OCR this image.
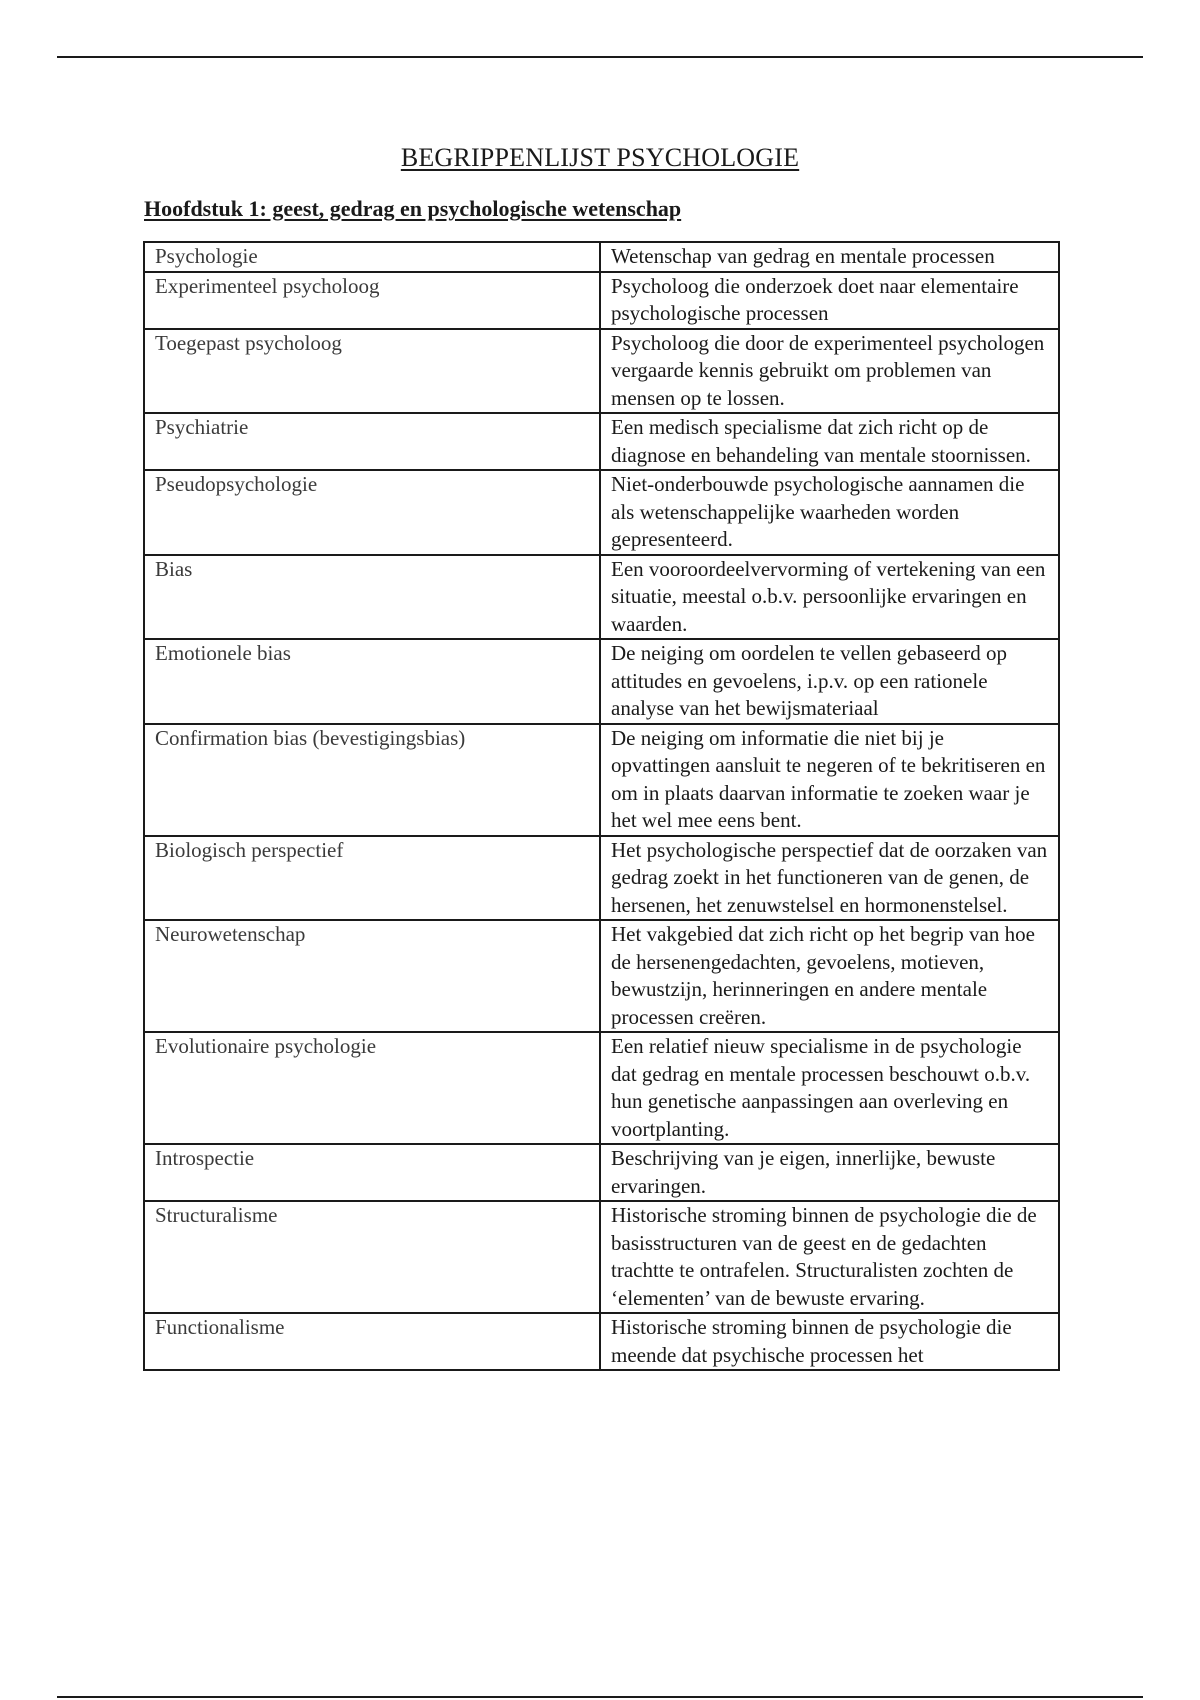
BEGRIPPENLIJST PSYCHOLOGIE
Hoofdstuk 1: geest, gedrag en psychologische wetenschap
Psychologie	Wetenschap van gedrag en mentale processen
Experimenteel psycholoog	Psycholoog die onderzoek doet naar elementaire psychologische processen
Toegepast psycholoog	Psycholoog die door de experimenteel psychologen vergaarde kennis gebruikt om problemen van mensen op te lossen.
Psychiatrie	Een medisch specialisme dat zich richt op de diagnose en behandeling van mentale stoornissen.
Pseudopsychologie	Niet-onderbouwde psychologische aannamen die als wetenschappelijke waarheden worden gepresenteerd.
Bias	Een vooroordeelvervorming of vertekening van een situatie, meestal o.b.v. persoonlijke ervaringen en waarden.
Emotionele bias	De neiging om oordelen te vellen gebaseerd op attitudes en gevoelens, i.p.v. op een rationele analyse van het bewijsmateriaal
Confirmation bias (bevestigingsbias)	De neiging om informatie die niet bij je opvattingen aansluit te negeren of te bekritiseren en om in plaats daarvan informatie te zoeken waar je het wel mee eens bent.
Biologisch perspectief	Het psychologische perspectief dat de oorzaken van gedrag zoekt in het functioneren van de genen, de hersenen, het zenuwstelsel en hormonenstelsel.
Neurowetenschap	Het vakgebied dat zich richt op het begrip van hoe de hersenengedachten, gevoelens, motieven, bewustzijn, herinneringen en andere mentale processen creëren.
Evolutionaire psychologie	Een relatief nieuw specialisme in de psychologie dat gedrag en mentale processen beschouwt o.b.v. hun genetische aanpassingen aan overleving en voortplanting.
Introspectie	Beschrijving van je eigen, innerlijke, bewuste ervaringen.
Structuralisme	Historische stroming binnen de psychologie die de basisstructuren van de geest en de gedachten trachtte te ontrafelen. Structuralisten zochten de ‘elementen’ van de bewuste ervaring.
Functionalisme	Historische stroming binnen de psychologie die meende dat psychische processen het
